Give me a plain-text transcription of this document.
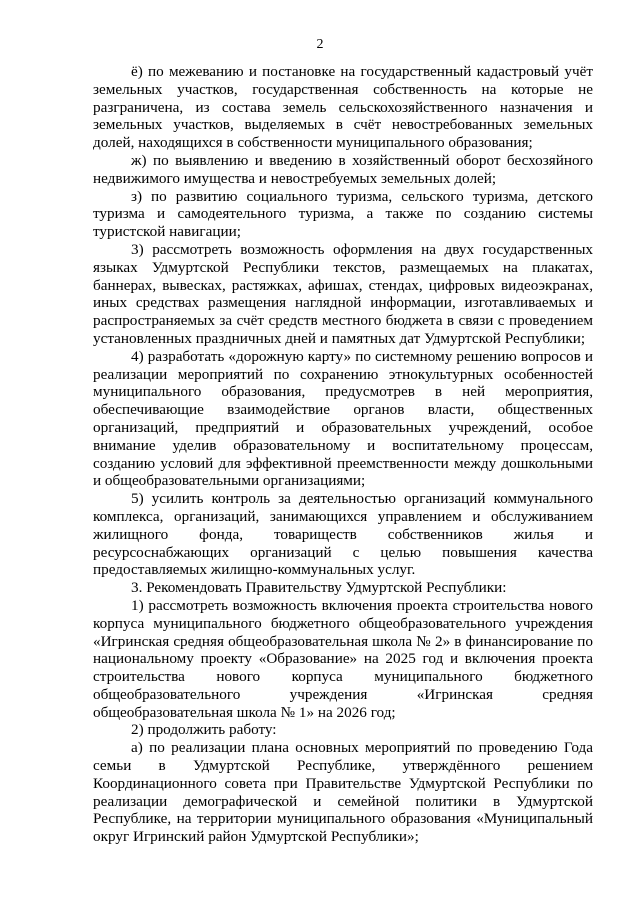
2

ё) по межеванию и постановке на государственный кадастровый учёт земельных участков, государственная собственность на которые не разграничена, из состава земель сельскохозяйственного назначения и земельных участков, выделяемых в счёт невостребованных земельных долей, находящихся в собственности муниципального образования;

ж) по выявлению и введению в хозяйственный оборот бесхозяйного недвижимого имущества и невостребуемых земельных долей;

з) по развитию социального туризма, сельского туризма, детского туризма и самодеятельного туризма, а также по созданию системы туристской навигации;

3) рассмотреть возможность оформления на двух государственных языках Удмуртской Республики текстов, размещаемых на плакатах, баннерах, вывесках, растяжках, афишах, стендах, цифровых видеоэкранах, иных средствах размещения наглядной информации, изготавливаемых и распространяемых за счёт средств местного бюджета в связи с проведением установленных праздничных дней и памятных дат Удмуртской Республики;

4) разработать «дорожную карту» по системному решению вопросов и реализации мероприятий по сохранению этнокультурных особенностей муниципального образования, предусмотрев в ней мероприятия, обеспечивающие взаимодействие органов власти, общественных организаций, предприятий и образовательных учреждений, особое внимание уделив образовательному и воспитательному процессам, созданию условий для эффективной преемственности между дошкольными и общеобразовательными организациями;

5) усилить контроль за деятельностью организаций коммунального комплекса, организаций, занимающихся управлением и обслуживанием жилищного фонда, товариществ собственников жилья и ресурсоснабжающих организаций с целью повышения качества предоставляемых жилищно-коммунальных услуг.

3. Рекомендовать Правительству Удмуртской Республики:

1) рассмотреть возможность включения проекта строительства нового корпуса муниципального бюджетного общеобразовательного учреждения «Игринская средняя общеобразовательная школа № 2» в финансирование по национальному проекту «Образование» на 2025 год и включения проекта строительства нового корпуса муниципального бюджетного общеобразовательного учреждения «Игринская средняя общеобразовательная школа № 1» на 2026 год;

2) продолжить работу:

а) по реализации плана основных мероприятий по проведению Года семьи в Удмуртской Республике, утверждённого решением Координационного совета при Правительстве Удмуртской Республики по реализации демографической и семейной политики в Удмуртской Республике, на территории муниципального образования «Муниципальный округ Игринский район Удмуртской Республики»;
